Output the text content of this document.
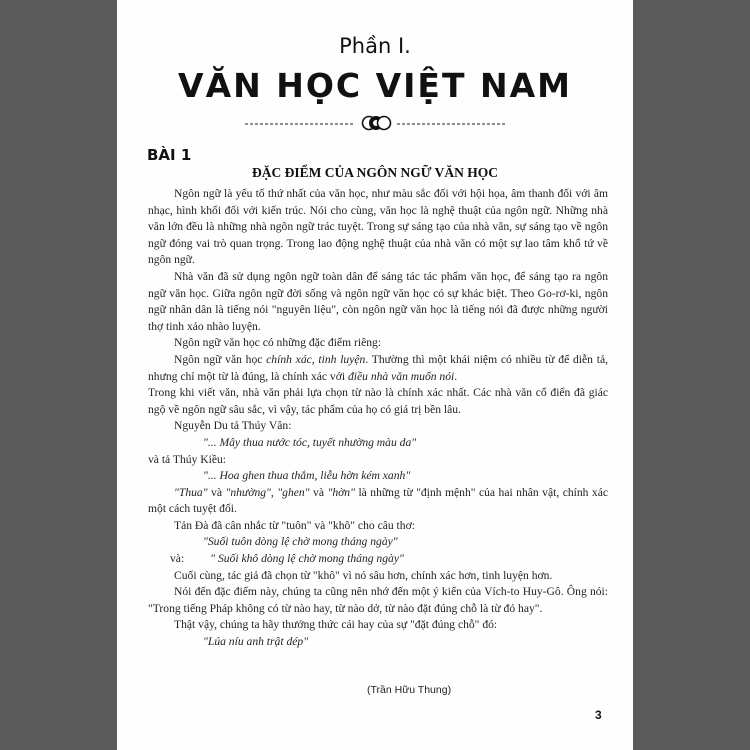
Phần I.
VĂN HỌC VIỆT NAM
BÀI 1
ĐẶC ĐIỂM CỦA NGÔN NGỮ VĂN HỌC

Ngôn ngữ là yếu tố thứ nhất của văn học, như màu sắc đối với hội họa, âm thanh đối với âm nhạc, hình khối đối với kiến trúc. Nói cho cùng, văn học là nghệ thuật của ngôn ngữ. Những nhà văn lớn đều là những nhà ngôn ngữ trác tuyệt. Trong sự sáng tạo của nhà văn, sự sáng tạo về ngôn ngữ đóng vai trò quan trọng. Trong lao động nghệ thuật của nhà văn có một sự lao tâm khổ tứ về ngôn ngữ.

Nhà văn đã sử dụng ngôn ngữ toàn dân để sáng tác tác phẩm văn học, để sáng tạo ra ngôn ngữ văn học. Giữa ngôn ngữ đời sống và ngôn ngữ văn học có sự khác biệt. Theo Go-rơ-ki, ngôn ngữ nhân dân là tiếng nói "nguyên liệu", còn ngôn ngữ văn học là tiếng nói đã được những người thợ tinh xảo nhào luyện.

Ngôn ngữ văn học có những đặc điểm riêng:

Ngôn ngữ văn học chính xác, tinh luyện. Thường thì một khái niệm có nhiều từ để diễn tả, nhưng chỉ một từ là đúng, là chính xác với điều nhà văn muốn nói.

Trong khi viết văn, nhà văn phải lựa chọn từ nào là chính xác nhất. Các nhà văn cổ điển đã giác ngộ về ngôn ngữ sâu sắc, vì vậy, tác phẩm của họ có giá trị bền lâu.

Nguyễn Du tả Thúy Vân:

"... Mây thua nước tóc, tuyết nhường màu da"

và tả Thúy Kiều:

"... Hoa ghen thua thắm, liễu hờn kém xanh"

"Thua" và "nhường", "ghen" và "hờn" là những từ "định mệnh" của hai nhân vật, chính xác một cách tuyệt đối.

Tản Đà đã cân nhắc từ "tuôn" và "khô" cho câu thơ:

"Suối tuôn dòng lệ chờ mong tháng ngày"

và: " Suối khô dòng lệ chờ mong tháng ngày"

Cuối cùng, tác giả đã chọn từ "khô" vì nó sâu hơn, chính xác hơn, tinh luyện hơn.

Nói đến đặc điểm này, chúng ta cũng nên nhớ đến một ý kiến của Vích-to Huy-Gô. Ông nói: "Trong tiếng Pháp không có từ nào hay, từ nào dở, từ nào đặt đúng chỗ là từ đó hay".

Thật vậy, chúng ta hãy thưởng thức cái hay của sự "đặt đúng chỗ" đó:

"Lúa níu anh trật dép"

(Trần Hữu Thung)
3
